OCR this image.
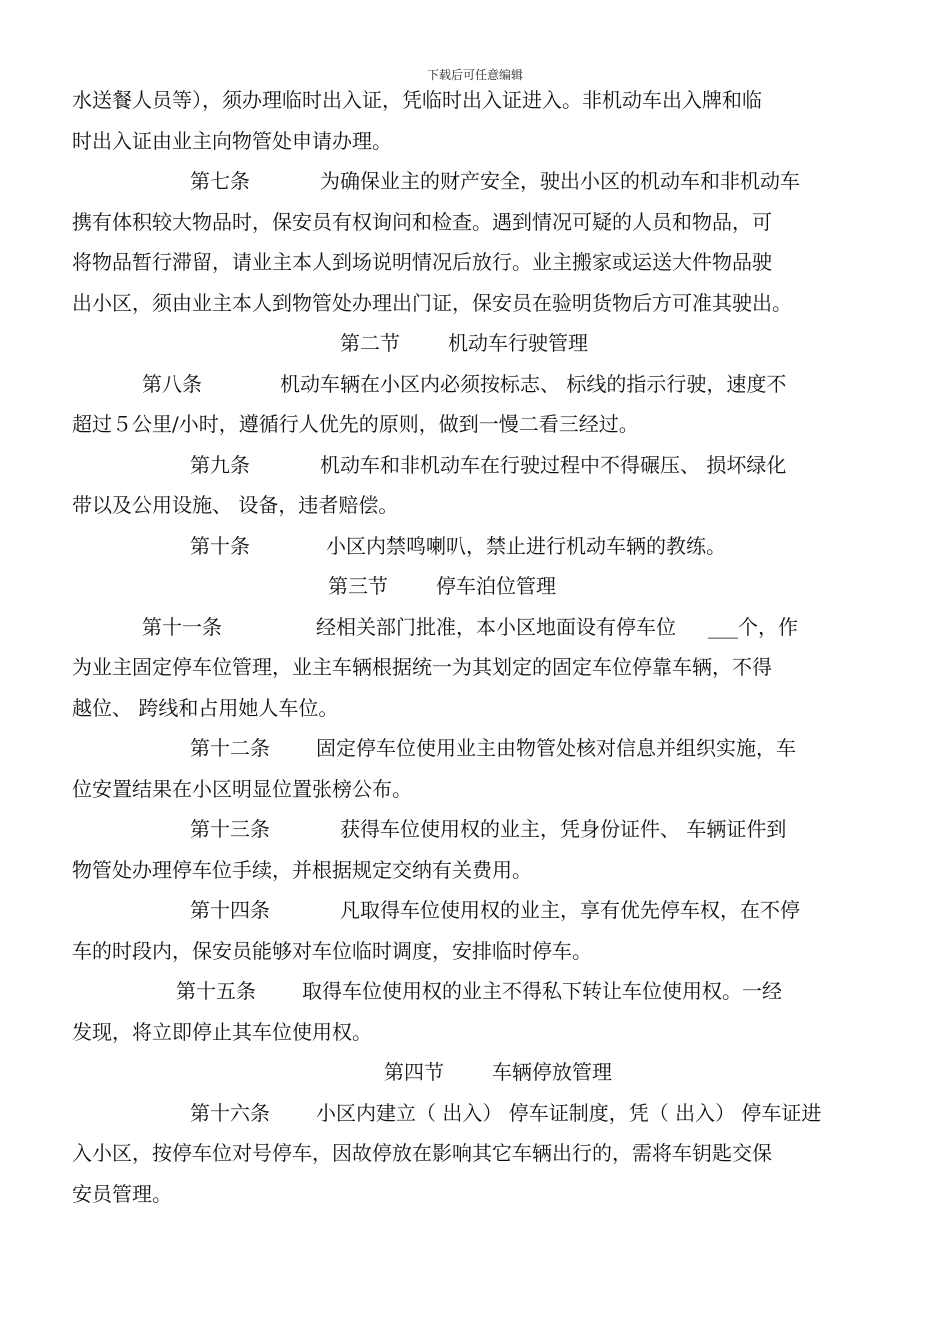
下载后可任意编辑
水送餐人员等），须办理临时出入证，凭临时出入证进入。非机动车出入牌和临
时出入证由业主向物管处申请办理。
第七条	为确保业主的财产安全，驶出小区的机动车和非机动车
携有体积较大物品时，保安员有权询问和检查。遇到情况可疑的人员和物品，可
将物品暂行滞留，请业主本人到场说明情况后放行。业主搬家或运送大件物品驶
出小区，须由业主本人到物管处办理出门证，保安员在验明货物后方可准其驶出。
第二节 机动车行驶管理
第八条	机动车辆在小区内必须按标志、 标线的指示行驶，速度不
超过５公里/小时，遵循行人优先的原则，做到一慢二看三经过。
第九条	机动车和非机动车在行驶过程中不得碾压、 损坏绿化
带以及公用设施、 设备，违者赔偿。
第十条	小区内禁鸣喇叭，禁止进行机动车辆的教练。
第三节 停车泊位管理
第十一条	经相关部门批准，本小区地面设有停车位 ___个，作
为业主固定停车位管理，业主车辆根据统一为其划定的固定车位停靠车辆，不得
越位、 跨线和占用她人车位。
第十二条 固定停车位使用业主由物管处核对信息并组织实施，车
位安置结果在小区明显位置张榜公布。
第十三条	获得车位使用权的业主，凭身份证件、 车辆证件到
物管处办理停车位手续，并根据规定交纳有关费用。
第十四条	凡取得车位使用权的业主，享有优先停车权，在不停
车的时段内，保安员能够对车位临时调度，安排临时停车。
第十五条 取得车位使用权的业主不得私下转让车位使用权。一经
发现，将立即停止其车位使用权。
第四节 车辆停放管理
第十六条 小区内建立（ 出入） 停车证制度，凭（ 出入） 停车证进
入小区，按停车位对号停车，因故停放在影响其它车辆出行的，需将车钥匙交保
安员管理。
